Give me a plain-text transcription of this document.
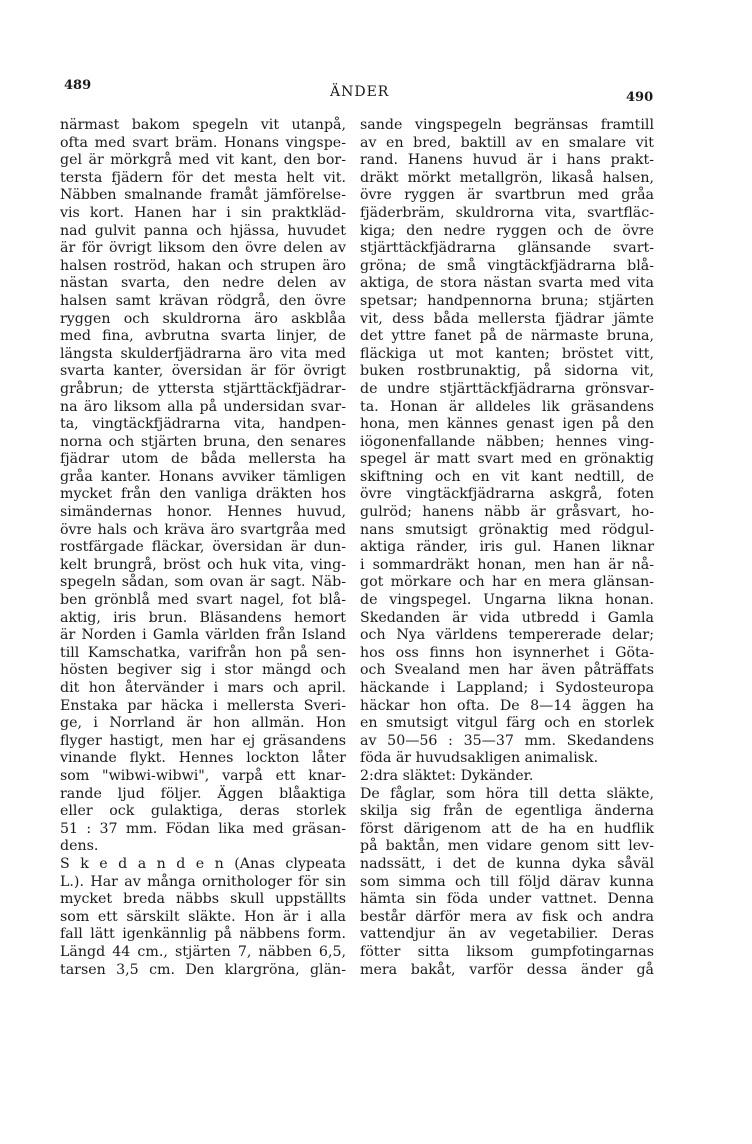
489	ÄNDER	490
närmast bakom spegeln vit utanpå,
ofta med svart bräm. Honans vingspe-
gel är mörkgrå med vit kant, den bor-
tersta fjädern för det mesta helt vit.
Näbben smalnande framåt jämförelse-
vis kort. Hanen har i sin praktkläd-
nad gulvit panna och hjässa, huvudet
är för övrigt liksom den övre delen av
halsen roströd, hakan och strupen äro
nästan svarta, den nedre delen av
halsen samt krävan rödgrå, den övre
ryggen och skuldrorna äro askblåa
med fina, avbrutna svarta linjer, de
längsta skulderfjädrarna äro vita med
svarta kanter, översidan är för övrigt
gråbrun; de yttersta stjärttäckfjädrar-
na äro liksom alla på undersidan svar-
ta, vingtäckfjädrarna vita, handpen-
norna och stjärten bruna, den senares
fjädrar utom de båda mellersta ha
gråa kanter. Honans avviker tämligen
mycket från den vanliga dräkten hos
simändernas honor. Hennes huvud,
övre hals och kräva äro svartgråa med
rostfärgade fläckar, översidan är dun-
kelt brungrå, bröst och huk vita, ving-
spegeln sådan, som ovan är sagt. Näb-
ben grönblå med svart nagel, fot blå-
aktig, iris brun. Bläsandens hemort
är Norden i Gamla världen från Island
till Kamschatka, varifrån hon på sen-
hösten begiver sig i stor mängd och
dit hon återvänder i mars och april.
Enstaka par häcka i mellersta Sveri-
ge, i Norrland är hon allmän. Hon
flyger hastigt, men har ej gräsandens
vinande flykt. Hennes lockton låter
som "wibwi-wibwi", varpå ett knar-
rande ljud följer. Äggen blåaktiga
eller ock gulaktiga, deras storlek
51 : 37 mm. Födan lika med gräsan-
dens.
S k e d a n d e n (Anas clypeata
L.). Har av många ornithologer för sin
mycket breda näbbs skull uppställts
som ett särskilt släkte. Hon är i alla
fall lätt igenkännlig på näbbens form.
Längd 44 cm., stjärten 7, näbben 6,5,
tarsen 3,5 cm. Den klargröna, glän-
sande vingspegeln begränsas framtill
av en bred, baktill av en smalare vit
rand. Hanens huvud är i hans prakt-
dräkt mörkt metallgrön, likaså halsen,
övre ryggen är svartbrun med gråa
fjäderbräm, skuldrorna vita, svartfläc-
kiga; den nedre ryggen och de övre
stjärttäckfjädrarna glänsande svart-
gröna; de små vingtäckfjädrarna blå-
aktiga, de stora nästan svarta med vita
spetsar; handpennorna bruna; stjärten
vit, dess båda mellersta fjädrar jämte
det yttre fanet på de närmaste bruna,
fläckiga ut mot kanten; bröstet vitt,
buken rostbrunaktig, på sidorna vit,
de undre stjärttäckfjädrarna grönsvar-
ta. Honan är alldeles lik gräsandens
hona, men kännes genast igen på den
iögonenfallande näbben; hennes ving-
spegel är matt svart med en grönaktig
skiftning och en vit kant nedtill, de
övre vingtäckfjädrarna askgrå, foten
gulröd; hanens näbb är gråsvart, ho-
nans smutsigt grönaktig med rödgul-
aktiga ränder, iris gul. Hanen liknar
i sommardräkt honan, men han är nå-
got mörkare och har en mera glänsan-
de vingspegel. Ungarna likna honan.
Skedanden är vida utbredd i Gamla
och Nya världens tempererade delar;
hos oss finns hon isynnerhet i Göta-
och Svealand men har även påträffats
häckande i Lappland; i Sydosteuropa
häckar hon ofta. De 8—14 äggen ha
en smutsigt vitgul färg och en storlek
av 50—56 : 35—37 mm. Skedandens
föda är huvudsakligen animalisk.
2:dra släktet: Dykänder.
De fåglar, som höra till detta släkte,
skilja sig från de egentliga änderna
först därigenom att de ha en hudflik
på baktån, men vidare genom sitt lev-
nadssätt, i det de kunna dyka såväl
som simma och till följd därav kunna
hämta sin föda under vattnet. Denna
består därför mera av fisk och andra
vattendjur än av vegetabilier. Deras
fötter sitta liksom gumpfotingarnas
mera bakåt, varför dessa änder gå
